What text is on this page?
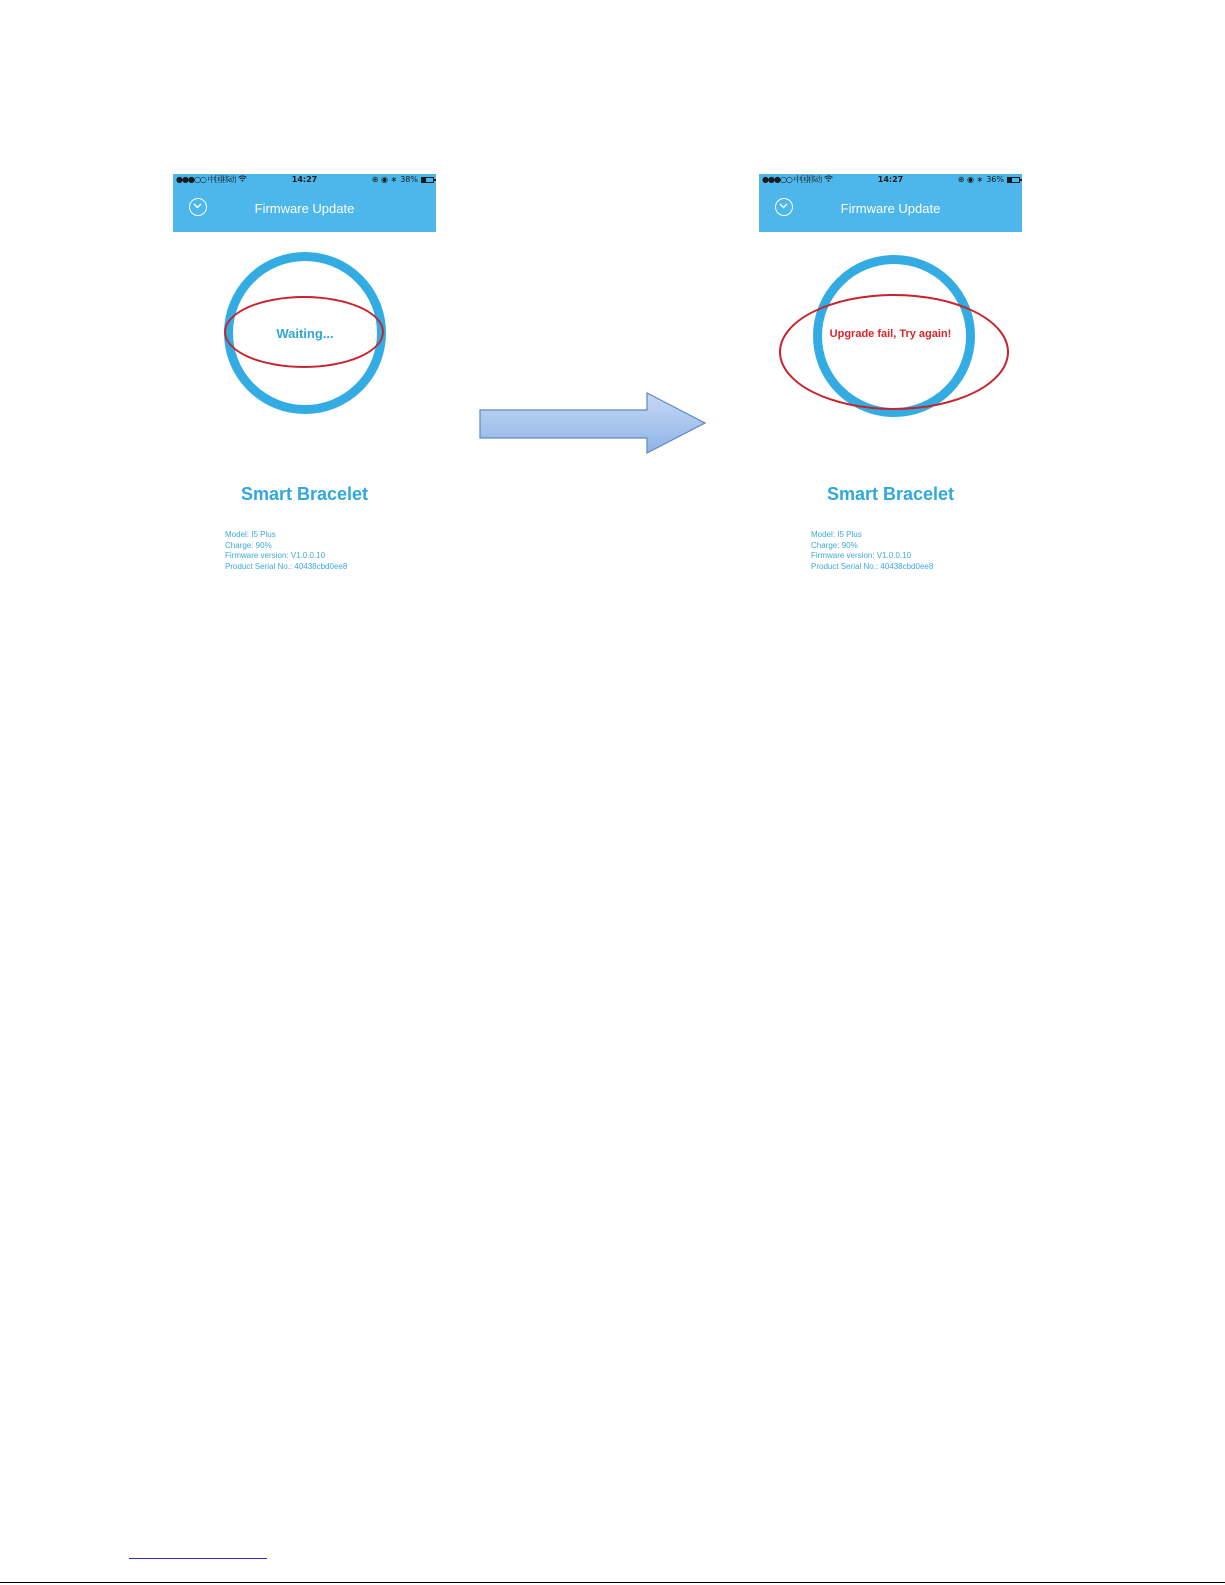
●●●○○ 中国移动	14:27	⊕ ◉ ∗ 38%
Firmware Update
Waiting...
Smart Bracelet
Model: I5 Plus
Charge: 90%
Firmware version: V1.0.0.10
Product Serial No.: 40438cbd0ee8
●●●○○ 中国移动	14:27	⊕ ◉ ∗ 36%
Firmware Update
Upgrade fail, Try again!
Smart Bracelet
Model: I5 Plus
Charge: 90%
Firmware version: V1.0.0.10
Product Serial No.: 40438cbd0ee8
